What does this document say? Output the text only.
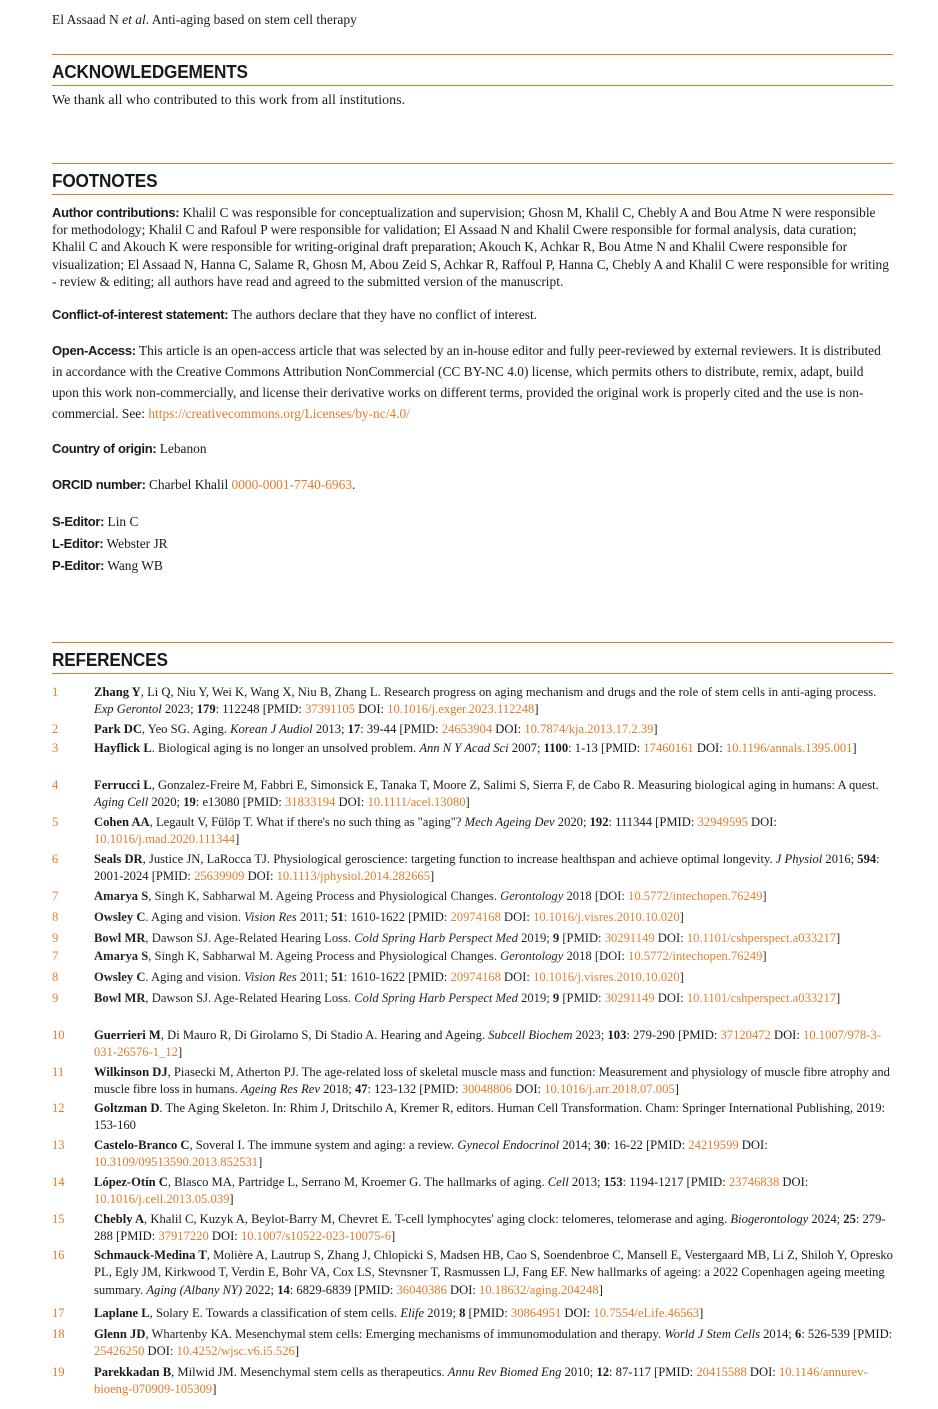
El Assaad N et al. Anti-aging based on stem cell therapy
ACKNOWLEDGEMENTS
We thank all who contributed to this work from all institutions.
FOOTNOTES
Author contributions: Khalil C was responsible for conceptualization and supervision; Ghosn M, Khalil C, Chebly A and Bou Atme N were responsible for methodology; Khalil C and Rafoul P were responsible for validation; El Assaad N and Khalil Cwere responsible for formal analysis, data curation; Khalil C and Akouch K were responsible for writing-original draft preparation; Akouch K, Achkar R, Bou Atme N and Khalil Cwere responsible for visualization; El Assaad N, Hanna C, Salame R, Ghosn M, Abou Zeid S, Achkar R, Raffoul P, Hanna C, Chebly A and Khalil C were responsible for writing - review & editing; all authors have read and agreed to the submitted version of the manuscript.
Conflict-of-interest statement: The authors declare that they have no conflict of interest.
Open-Access: This article is an open-access article that was selected by an in-house editor and fully peer-reviewed by external reviewers. It is distributed in accordance with the Creative Commons Attribution NonCommercial (CC BY-NC 4.0) license, which permits others to distribute, remix, adapt, build upon this work non-commercially, and license their derivative works on different terms, provided the original work is properly cited and the use is non-commercial. See: https://creativecommons.org/Licenses/by-nc/4.0/
Country of origin: Lebanon
ORCID number: Charbel Khalil 0000-0001-7740-6963.
S-Editor: Lin C
L-Editor: Webster JR
P-Editor: Wang WB
REFERENCES
1	Zhang Y, Li Q, Niu Y, Wei K, Wang X, Niu B, Zhang L. Research progress on aging mechanism and drugs and the role of stem cells in anti-aging process. Exp Gerontol 2023; 179: 112248 [PMID: 37391105 DOI: 10.1016/j.exger.2023.112248]
2	Park DC, Yeo SG. Aging. Korean J Audiol 2013; 17: 39-44 [PMID: 24653904 DOI: 10.7874/kja.2013.17.2.39]
3	Hayflick L. Biological aging is no longer an unsolved problem. Ann N Y Acad Sci 2007; 1100: 1-13 [PMID: 17460161 DOI: 10.1196/annals.1395.001]
4	Ferrucci L, Gonzalez-Freire M, Fabbri E, Simonsick E, Tanaka T, Moore Z, Salimi S, Sierra F, de Cabo R. Measuring biological aging in humans: A quest. Aging Cell 2020; 19: e13080 [PMID: 31833194 DOI: 10.1111/acel.13080]
5	Cohen AA, Legault V, Fülöp T. What if there's no such thing as "aging"? Mech Ageing Dev 2020; 192: 111344 [PMID: 32949595 DOI: 10.1016/j.mad.2020.111344]
6	Seals DR, Justice JN, LaRocca TJ. Physiological geroscience: targeting function to increase healthspan and achieve optimal longevity. J Physiol 2016; 594: 2001-2024 [PMID: 25639909 DOI: 10.1113/jphysiol.2014.282665]
7	Amarya S, Singh K, Sabharwal M. Ageing Process and Physiological Changes. Gerontology 2018 [DOI: 10.5772/intechopen.76249]
8	Owsley C. Aging and vision. Vision Res 2011; 51: 1610-1622 [PMID: 20974168 DOI: 10.1016/j.visres.2010.10.020]
9	Bowl MR, Dawson SJ. Age-Related Hearing Loss. Cold Spring Harb Perspect Med 2019; 9 [PMID: 30291149 DOI: 10.1101/cshperspect.a033217]
7	Amarya S, Singh K, Sabharwal M. Ageing Process and Physiological Changes. Gerontology 2018 [DOI: 10.5772/intechopen.76249]
8	Owsley C. Aging and vision. Vision Res 2011; 51: 1610-1622 [PMID: 20974168 DOI: 10.1016/j.visres.2010.10.020]
9	Bowl MR, Dawson SJ. Age-Related Hearing Loss. Cold Spring Harb Perspect Med 2019; 9 [PMID: 30291149 DOI: 10.1101/cshperspect.a033217]
10 Guerrieri M, Di Mauro R, Di Girolamo S, Di Stadio A. Hearing and Ageing. Subcell Biochem 2023; 103: 279-290 [PMID: 37120472 DOI: 10.1007/978-3-031-26576-1_12]
11 Wilkinson DJ, Piasecki M, Atherton PJ. The age-related loss of skeletal muscle mass and function: Measurement and physiology of muscle fibre atrophy and muscle fibre loss in humans. Ageing Res Rev 2018; 47: 123-132 [PMID: 30048806 DOI: 10.1016/j.arr.2018.07.005]
12 Goltzman D. The Aging Skeleton. In: Rhim J, Dritschilo A, Kremer R, editors. Human Cell Transformation. Cham: Springer International Publishing, 2019: 153-160
13 Castelo-Branco C, Soveral I. The immune system and aging: a review. Gynecol Endocrinol 2014; 30: 16-22 [PMID: 24219599 DOI: 10.3109/09513590.2013.852531]
14 López-Otín C, Blasco MA, Partridge L, Serrano M, Kroemer G. The hallmarks of aging. Cell 2013; 153: 1194-1217 [PMID: 23746838 DOI: 10.1016/j.cell.2013.05.039]
15 Chebly A, Khalil C, Kuzyk A, Beylot-Barry M, Chevret E. T-cell lymphocytes' aging clock: telomeres, telomerase and aging. Biogerontology 2024; 25: 279-288 [PMID: 37917220 DOI: 10.1007/s10522-023-10075-6]
16 Schmauck-Medina T, Molière A, Lautrup S, Zhang J, Chlopicki S, Madsen HB, Cao S, Soendenbroe C, Mansell E, Vestergaard MB, Li Z, Shiloh Y, Opresko PL, Egly JM, Kirkwood T, Verdin E, Bohr VA, Cox LS, Stevnsner T, Rasmussen LJ, Fang EF. New hallmarks of ageing: a 2022 Copenhagen ageing meeting summary. Aging (Albany NY) 2022; 14: 6829-6839 [PMID: 36040386 DOI: 10.18632/aging.204248]
17 Laplane L, Solary E. Towards a classification of stem cells. Elife 2019; 8 [PMID: 30864951 DOI: 10.7554/eLife.46563]
18 Glenn JD, Whartenby KA. Mesenchymal stem cells: Emerging mechanisms of immunomodulation and therapy. World J Stem Cells 2014; 6: 526-539 [PMID: 25426250 DOI: 10.4252/wjsc.v6.i5.526]
19 Parekkadan B, Milwid JM. Mesenchymal stem cells as therapeutics. Annu Rev Biomed Eng 2010; 12: 87-117 [PMID: 20415588 DOI: 10.1146/annurev-bioeng-070909-105309]
